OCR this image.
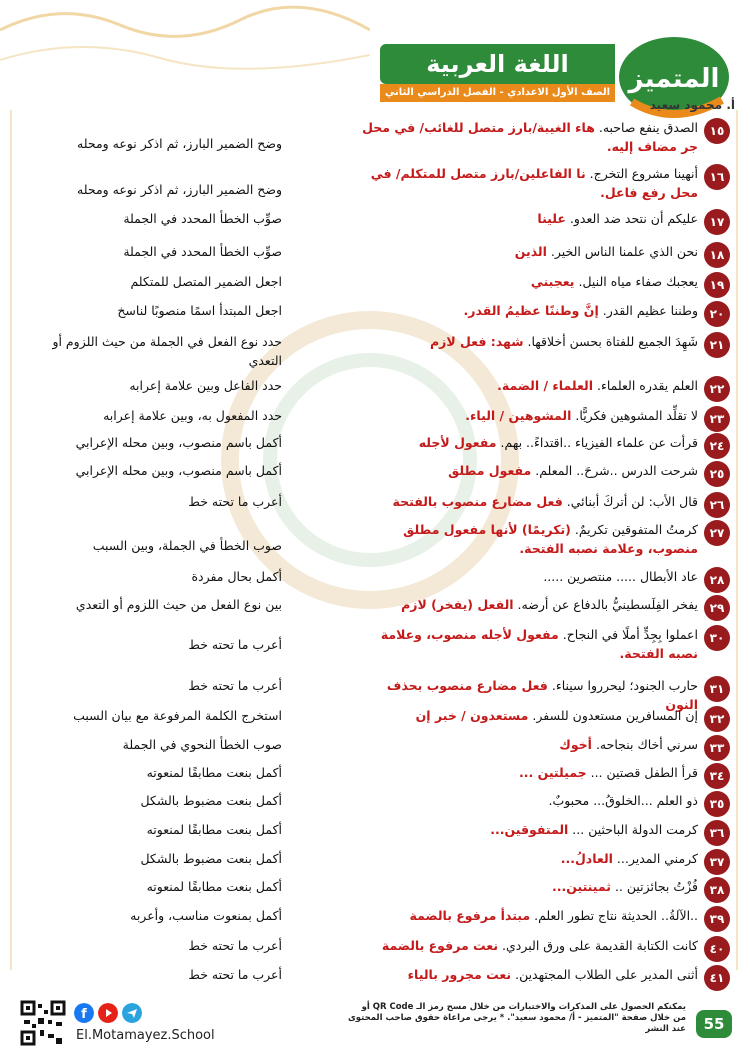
اللغة العربية
الصف الأول الاعدادي - الفصل الدراسي الثاني المتميز
أ. محمود سعيد
١٥
الصدق ينفع صاحبه. هاء الغيبة/بارز متصل للغائب/ في محل جر مضاف إليه.
وضح الضمير البارز، ثم اذكر نوعه ومحله
١٦
أنهينا مشروع التخرج. نا الفاعلين/بارز متصل للمتكلم/ في محل رفع فاعل.
وضح الضمير البارز، ثم اذكر نوعه ومحله
١٧
عليكم أن نتحد ضد العدو. علينا
صوِّب الخطأ المحدد في الجملة
١٨
نحن الذي علمنا الناس الخير. الذين
صوِّب الخطأ المحدد في الجملة
١٩
يعجبك صفاء مياه النيل. يعجبني
اجعل الضمير المتصل للمتكلم
٢٠
وطننا عظيم القدر. إنَّ وطننًا عظيمُ القدر.
اجعل المبتدأ اسمًا منصوبًا لناسخ
٢١
شَهِدَ الجميع للفتاة بحسن أخلاقها. شهد: فعل لازم
حدد نوع الفعل في الجملة من حيث اللزوم أو التعدي
٢٢
العلم يقدره العلماء. العلماء / الضمة.
حدد الفاعل وبين علامة إعرابه
٢٣
لا تقلِّد المشوهين فكريًّا. المشوهين / الياء.
حدد المفعول به، وبين علامة إعرابه
٢٤
قرأت عن علماء الفيزياء ..اقتداءً.. بهم. مفعول لأجله
أكمل باسم منصوب، وبين محله الإعرابي
٢٥
شرحت الدرس ..شرحَ.. المعلم. مفعول مطلق
أكمل باسم منصوب، وبين محله الإعرابي
٢٦
قال الأب: لن أتركَ أبنائي. فعل مضارع منصوب بالفتحة
أعرب ما تحته خط
٢٧
كرمتُ المتفوقين تكريمٌ. (تكريمًا) لأنها مفعول مطلق منصوب، وعلامة نصبه الفتحة.
صوب الخطأ في الجملة، وبين السبب
٢٨
عاد الأبطال ..... منتصرين .....
أكمل بحال مفردة
٢٩
يفخر الفِلَسطينيُّ بالدفاع عن أرضه. الفعل (يفخر) لازم
بين نوع الفعل من حيث اللزوم أو التعدي
٣٠
اعملوا بِجِدٍّ أملًا في النجاح. مفعول لأجله منصوب، وعلامة نصبه الفتحة.
أعرب ما تحته خط
٣١
حارب الجنود؛ ليحرروا سيناء. فعل مضارع منصوب بحذف النون
أعرب ما تحته خط
٣٢
إن المسافرين مستعدون للسفر. مستعدون / خبر إن
استخرج الكلمة المرفوعة مع بيان السبب
٣٣
سرني أخاك بنجاحه. أخوك
صوب الخطأ النحوي في الجملة
٣٤
قرأ الطفل قصتين ... جميلتين ...
أكمل بنعت مطابقًا لمنعوته
٣٥
ذو العلم ...الخلوقُ... محبوبٌ.
أكمل بنعت مضبوط بالشكل
٣٦
كرمت الدولة الباحثين ... المتفوقين...
أكمل بنعت مطابقًا لمنعوته
٣٧
كرمني المدير... العادلُ...
أكمل بنعت مضبوط بالشكل
٣٨
فُزْتُ بجائزتين .. ثمينتين...
أكمل بنعت مطابقًا لمنعوته
٣٩
..الآلةُ.. الحديثة نتاج تطور العلم. مبتدأ مرفوع بالضمة
أكمل بمنعوت مناسب، وأعربه
٤٠
كانت الكتابة القديمة على ورق البردي. نعت مرفوع بالضمة
أعرب ما تحته خط
٤١
أثنى المدير على الطلاب المجتهدين. نعت مجرور بالياء
أعرب ما تحته خط
55
يمكنكم الحصول على المذكرات والاختبارات من خلال مسح رمز الـ QR Code أو من خلال صفحة "المتميز - أ/ محمود سعيد". * يرجى مراعاة حقوق صاحب المحتوى عند النشر
f
El.Motamayez.School
